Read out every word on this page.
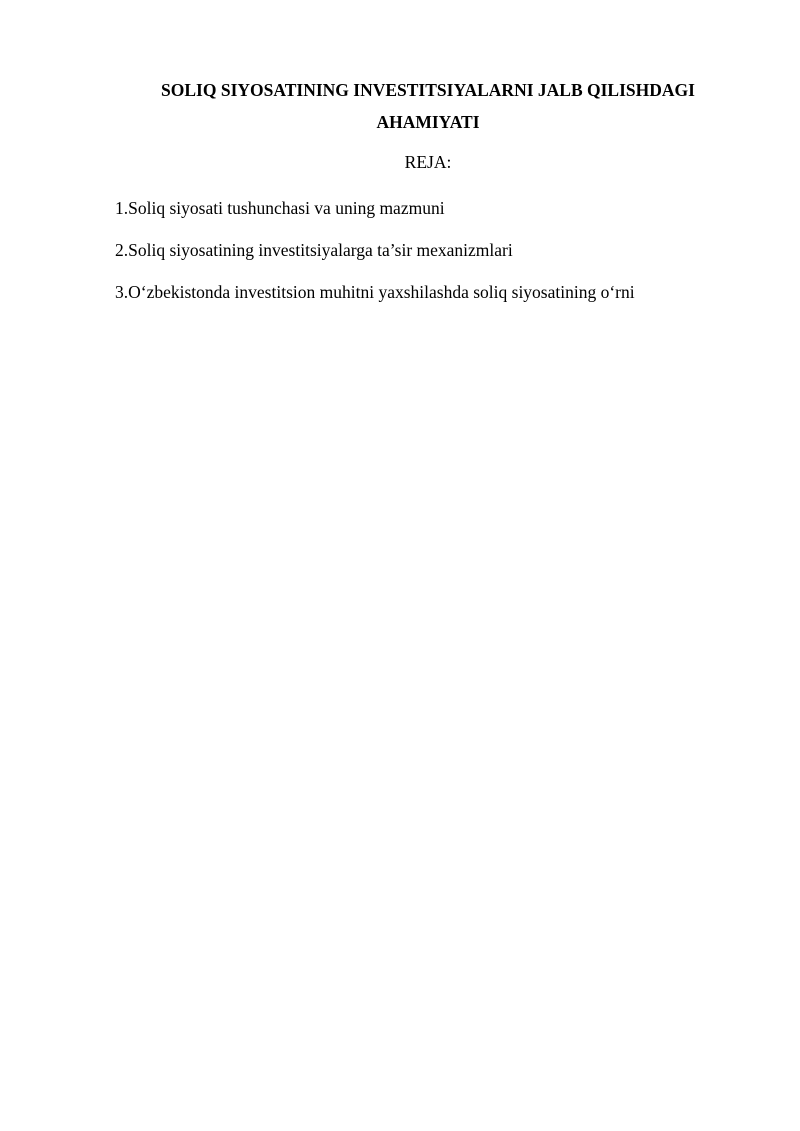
SOLIQ SIYOSATINING INVESTITSIYALARNI JALB QILISHDAGI
AHAMIYATI
REJA:
1.Soliq siyosati tushunchasi va uning mazmuni
2.Soliq siyosatining investitsiyalarga ta’sir mexanizmlari
3.O‘zbekistonda investitsion muhitni yaxshilashda soliq siyosatining o‘rni
